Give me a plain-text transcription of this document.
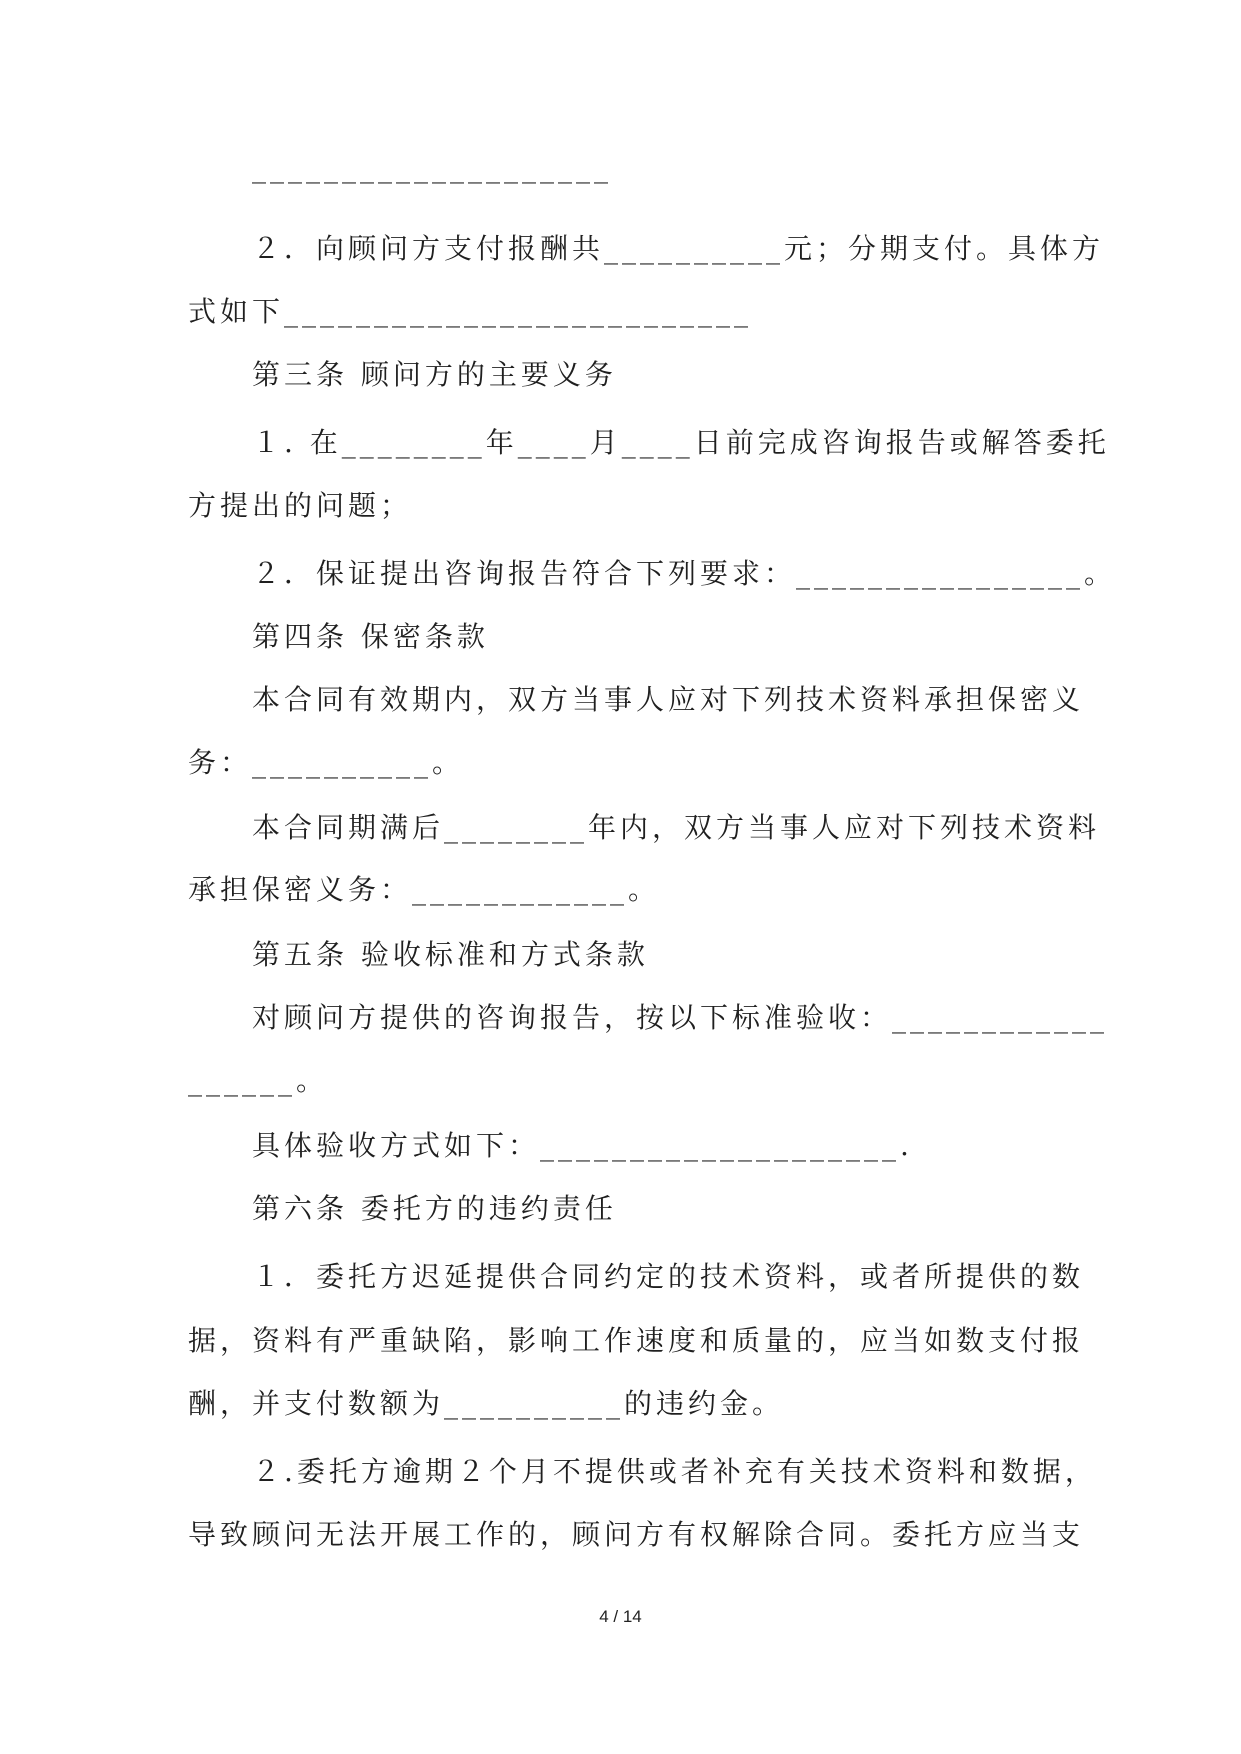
____________________
２．向顾问方支付报酬共__________元；分期支付。具体方
式如下__________________________
第三条 顾问方的主要义务
１. 在________年____月____日前完成咨询报告或解答委托
方提出的问题；
２．保证提出咨询报告符合下列要求：________________。
第四条 保密条款
本合同有效期内，双方当事人应对下列技术资料承担保密义
务：__________。
本合同期满后________年内，双方当事人应对下列技术资料
承担保密义务：____________。
第五条 验收标准和方式条款
对顾问方提供的咨询报告，按以下标准验收：____________
______。
具体验收方式如下：____________________.
第六条 委托方的违约责任
１．委托方迟延提供合同约定的技术资料，或者所提供的数
据，资料有严重缺陷，影响工作速度和质量的，应当如数支付报
酬，并支付数额为__________的违约金。
２.委托方逾期２个月不提供或者补充有关技术资料和数据，
导致顾问无法开展工作的，顾问方有权解除合同。委托方应当支
4 / 14
